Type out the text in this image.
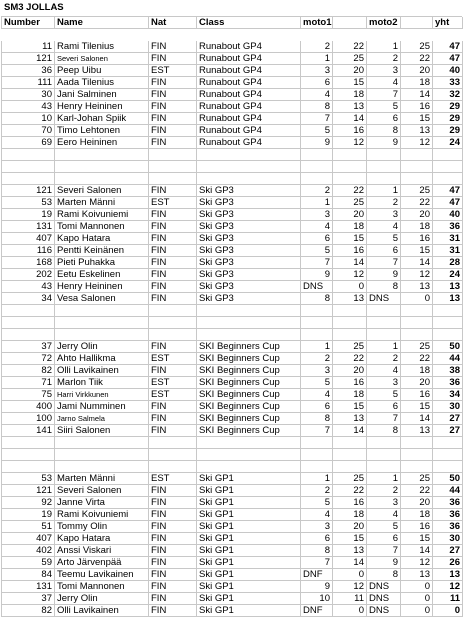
SM3 JOLLAS
Number	Name	Nat	Class	moto1	moto2	yht
11 Rami Tilenius	FIN	Runabout GP4	2	22	1	25	47
121 Severi Salonen	FIN	Runabout GP4	1	25	2	22	47
36 Peep Uibu	EST	Runabout GP4	3	20	3	20	40
111 Aada Tilenius	FIN	Runabout GP4	6	15	4	18	33
30 Jani Salminen	FIN	Runabout GP4	4	18	7	14	32
43 Henry Heininen	FIN	Runabout GP4	8	13	5	16	29
10 Karl-Johan Spiik	FIN	Runabout GP4	7	14	6	15	29
70 Timo Lehtonen	FIN	Runabout GP4	5	16	8	13	29
69 Eero Heininen	FIN	Runabout GP4	9	12	9	12	24
121 Severi Salonen	FIN	Ski GP3	2	22	1	25	47
53 Marten Männi	EST	Ski GP3	1	25	2	22	47
19 Rami Koivuniemi	FIN	Ski GP3	3	20	3	20	40
131 Tomi Mannonen	FIN	Ski GP3	4	18	4	18	36
407 Kapo Hatara	FIN	Ski GP3	6	15	5	16	31
116 Pentti Keinänen	FIN	Ski GP3	5	16	6	15	31
168 Pieti Puhakka	FIN	Ski GP3	7	14	7	14	28
202 Eetu Eskelinen	FIN	Ski GP3	9	12	9	12	24
43 Henry Heininen	FIN	Ski GP3	DNS	0	8	13	13
34 Vesa Salonen	FIN	Ski GP3	8	13 DNS	0	13
37 Jerry Olin	FIN	SKI Beginners Cup	1	25	1	25	50
72 Ahto Hallikma	EST	SKI Beginners Cup	2	22	2	22	44
82 Olli Lavikainen	FIN	SKI Beginners Cup	3	20	4	18	38
71 Marlon Tiik	EST	SKI Beginners Cup	5	16	3	20	36
75 Harri Virkkunen	EST	SKI Beginners Cup	4	18	5	16	34
400 Jami Numminen	FIN	SKI Beginners Cup	6	15	6	15	30
100 Jarno Salmela	FIN	SKI Beginners Cup	8	13	7	14	27
141 Siiri Salonen	FIN	SKI Beginners Cup	7	14	8	13	27
53 Marten Männi	EST	Ski GP1	1	25	1	25	50
121 Severi Salonen	FIN	Ski GP1	2	22	2	22	44
92 Janne Virta	FIN	Ski GP1	5	16	3	20	36
19 Rami Koivuniemi	FIN	Ski GP1	4	18	4	18	36
51 Tommy Olin	FIN	Ski GP1	3	20	5	16	36
407 Kapo Hatara	FIN	Ski GP1	6	15	6	15	30
402 Anssi Viskari	FIN	Ski GP1	8	13	7	14	27
59 Arto Järvenpää	FIN	Ski GP1	7	14	9	12	26
84 Teemu Lavikainen	FIN	Ski GP1	DNF	0	8	13	13
131 Tomi Mannonen	FIN	Ski GP1	9	12 DNS	0	12
37 Jerry Olin	FIN	Ski GP1	10	11 DNS	0	11
82 Olli Lavikainen	FIN	Ski GP1	DNF	0 DNS	0	0
